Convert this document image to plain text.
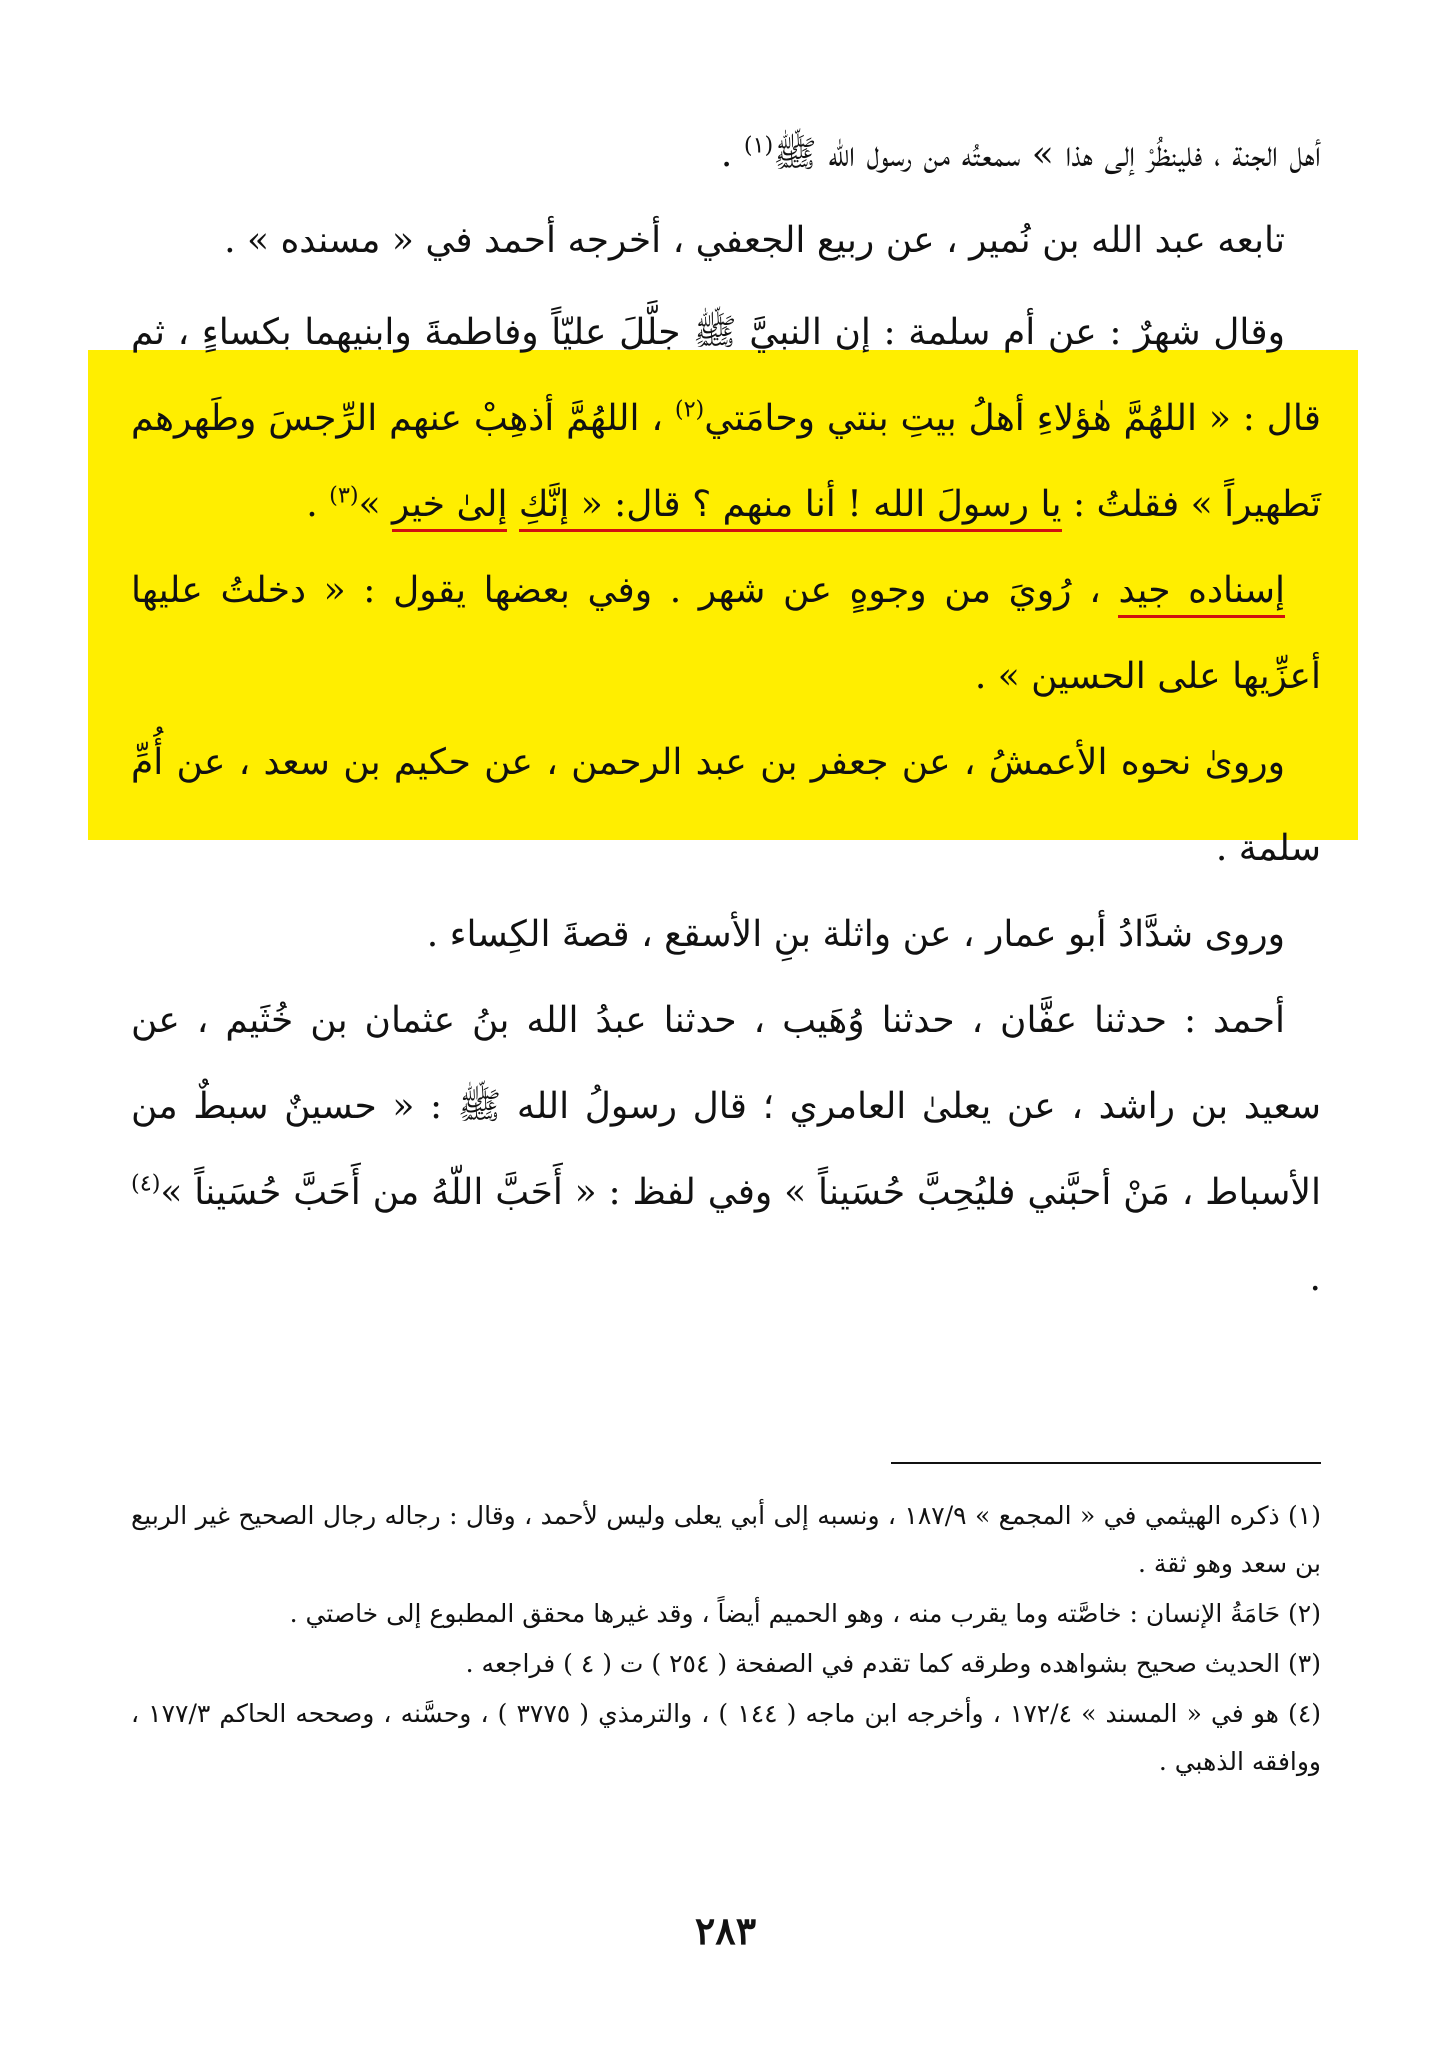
أهل الجنة ، فلينظُرْ إلى هذا » سمعتُه من رسول الله ﷺ$^{(١)}$ .

تابعه عبد الله بن نُمير ، عن ربيع الجعفي ، أخرجه أحمد في « مسنده » .

وقال شهرٌ : عن أم سلمة : إن النبيَّ ﷺ جلَّلَ عليّاً وفاطمةَ وابنيهما بكساءٍ ، ثم قال : « اللهُمَّ هٰؤلاءِ أهلُ بيتِ بنتي وحامَتي$^{(٢)}$ ، اللهُمَّ أذهِبْ عنهم الرِّجسَ وطَهرهم تَطهيراً » فقلتُ : يا رسولَ الله ! أنا منهم ؟ قال: « إنَّكِ إلىٰ خير »$^{(٣)}$ .

إسناده جيد ، رُويَ من وجوهٍ عن شهر . وفي بعضها يقول : « دخلتُ عليها أعزِّيها على الحسين » .

وروىٰ نحوه الأعمشُ ، عن جعفر بن عبد الرحمن ، عن حكيم بن سعد ، عن أُمِّ سلمة .

وروى شدَّادُ أبو عمار ، عن واثلة بنِ الأسقع ، قصةَ الكِساء .

أحمد : حدثنا عفَّان ، حدثنا وُهَيب ، حدثنا عبدُ الله بنُ عثمان بن خُثَيم ، عن سعيد بن راشد ، عن يعلىٰ العامري ؛ قال رسولُ الله ﷺ : « حسينٌ سبطٌ من الأسباط ، مَنْ أحبَّني فليُحِبَّ حُسَيناً » وفي لفظ : « أَحَبَّ اللّهُ من أَحَبَّ حُسَيناً »$^{(٤)}$ .

(١) ذكره الهيثمي في « المجمع » ١٨٧/٩ ، ونسبه إلى أبي يعلى وليس لأحمد ، وقال : رجاله رجال الصحيح غير الربيع بن سعد وهو ثقة .

(٢) حَامَةُ الإنسان : خاصَّته وما يقرب منه ، وهو الحميم أيضاً ، وقد غيرها محقق المطبوع إلى خاصتي .

(٣) الحديث صحيح بشواهده وطرقه كما تقدم في الصفحة ( ٢٥٤ ) ت ( ٤ ) فراجعه .

(٤) هو في « المسند » ١٧٢/٤ ، وأخرجه ابن ماجه ( ١٤٤ ) ، والترمذي ( ٣٧٧٥ ) ، وحسَّنه ، وصححه الحاكم ١٧٧/٣ ، ووافقه الذهبي .

٢٨٣
